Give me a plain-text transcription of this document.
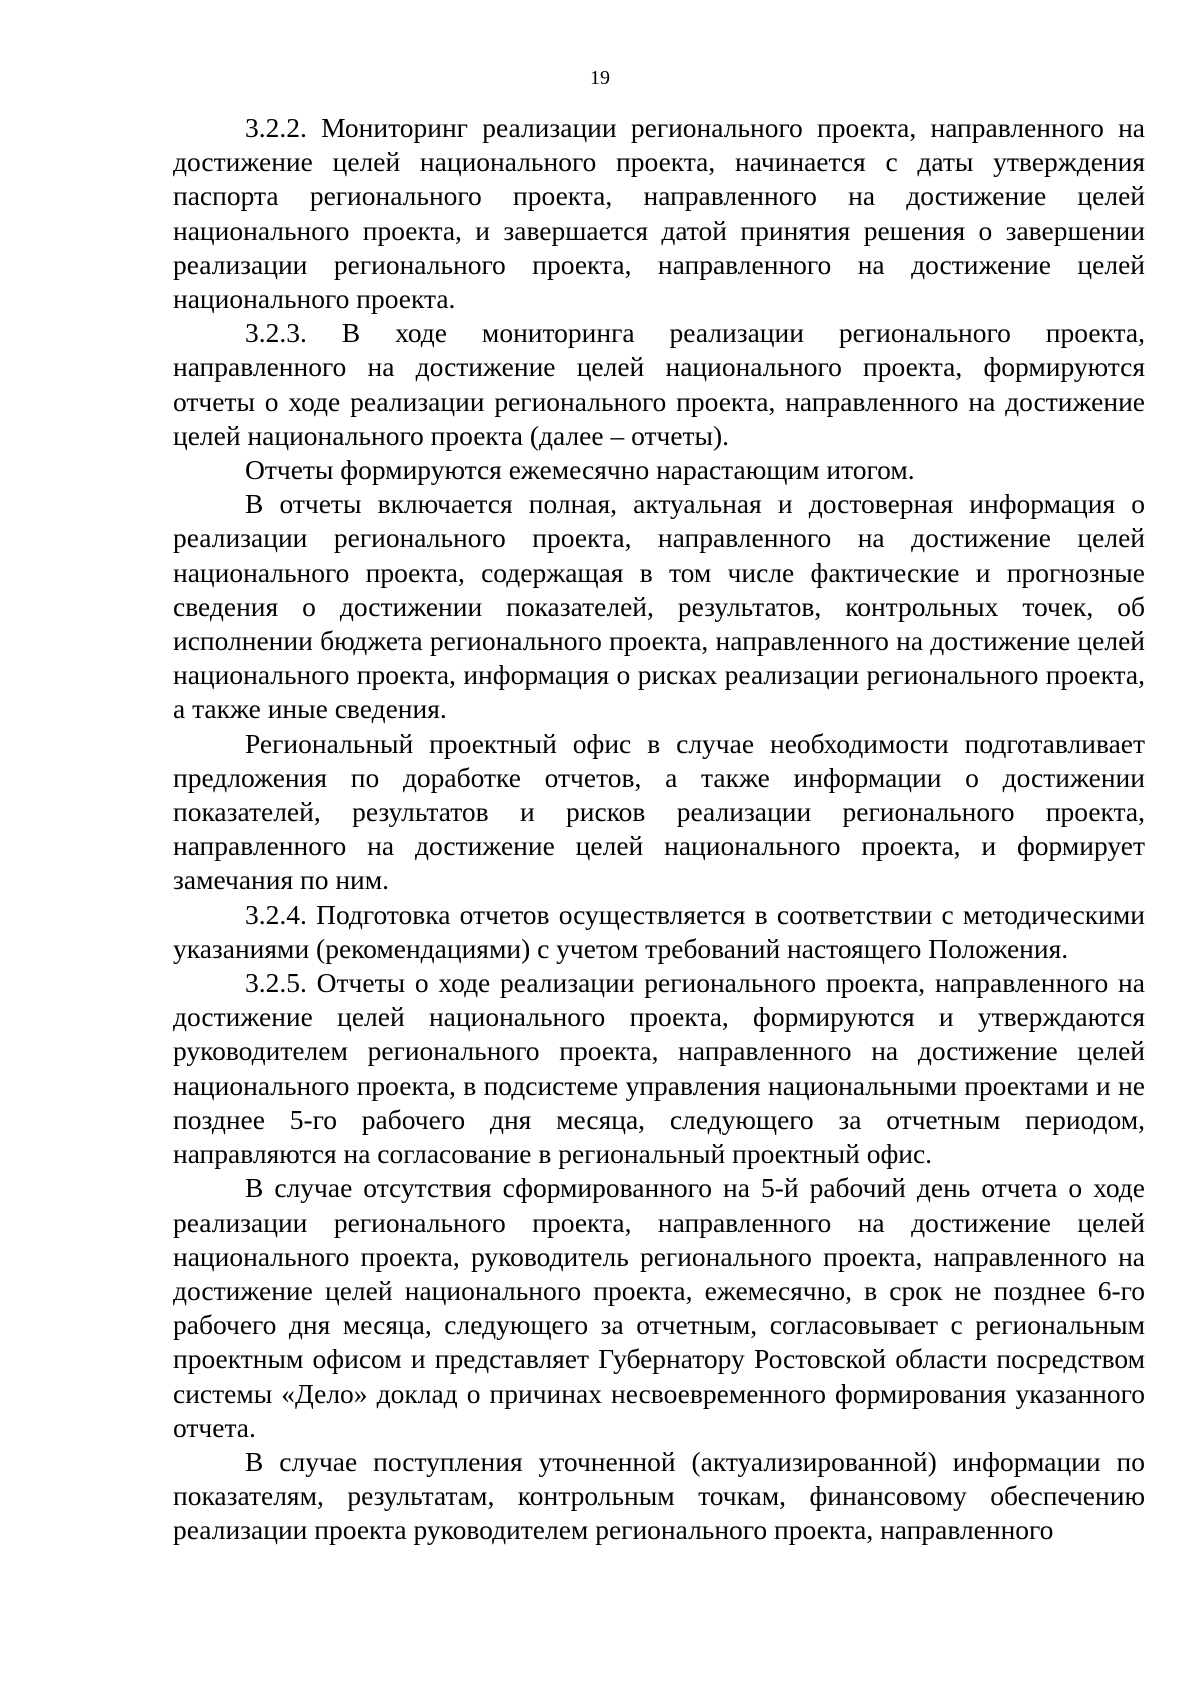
19

3.2.2. Мониторинг реализации регионального проекта, направленного на достижение целей национального проекта, начинается с даты утверждения паспорта регионального проекта, направленного на достижение целей национального проекта, и завершается датой принятия решения о завершении реализации регионального проекта, направленного на достижение целей национального проекта.

3.2.3. В ходе мониторинга реализации регионального проекта, направленного на достижение целей национального проекта, формируются отчеты о ходе реализации регионального проекта, направленного на достижение целей национального проекта (далее – отчеты).

Отчеты формируются ежемесячно нарастающим итогом.

В отчеты включается полная, актуальная и достоверная информация о реализации регионального проекта, направленного на достижение целей национального проекта, содержащая в том числе фактические и прогнозные сведения о достижении показателей, результатов, контрольных точек, об исполнении бюджета регионального проекта, направленного на достижение целей национального проекта, информация о рисках реализации регионального проекта, а также иные сведения.

Региональный проектный офис в случае необходимости подготавливает предложения по доработке отчетов, а также информации о достижении показателей, результатов и рисков реализации регионального проекта, направленного на достижение целей национального проекта, и формирует замечания по ним.

3.2.4. Подготовка отчетов осуществляется в соответствии с методическими указаниями (рекомендациями) с учетом требований настоящего Положения.

3.2.5. Отчеты о ходе реализации регионального проекта, направленного на достижение целей национального проекта, формируются и утверждаются руководителем регионального проекта, направленного на достижение целей национального проекта, в подсистеме управления национальными проектами и не позднее 5-го рабочего дня месяца, следующего за отчетным периодом, направляются на согласование в региональный проектный офис.

В случае отсутствия сформированного на 5-й рабочий день отчета о ходе реализации регионального проекта, направленного на достижение целей национального проекта, руководитель регионального проекта, направленного на достижение целей национального проекта, ежемесячно, в срок не позднее 6-го рабочего дня месяца, следующего за отчетным, согласовывает с региональным проектным офисом и представляет Губернатору Ростовской области посредством системы «Дело» доклад о причинах несвоевременного формирования указанного отчета.

В случае поступления уточненной (актуализированной) информации по показателям, результатам, контрольным точкам, финансовому обеспечению реализации проекта руководителем регионального проекта, направленного
